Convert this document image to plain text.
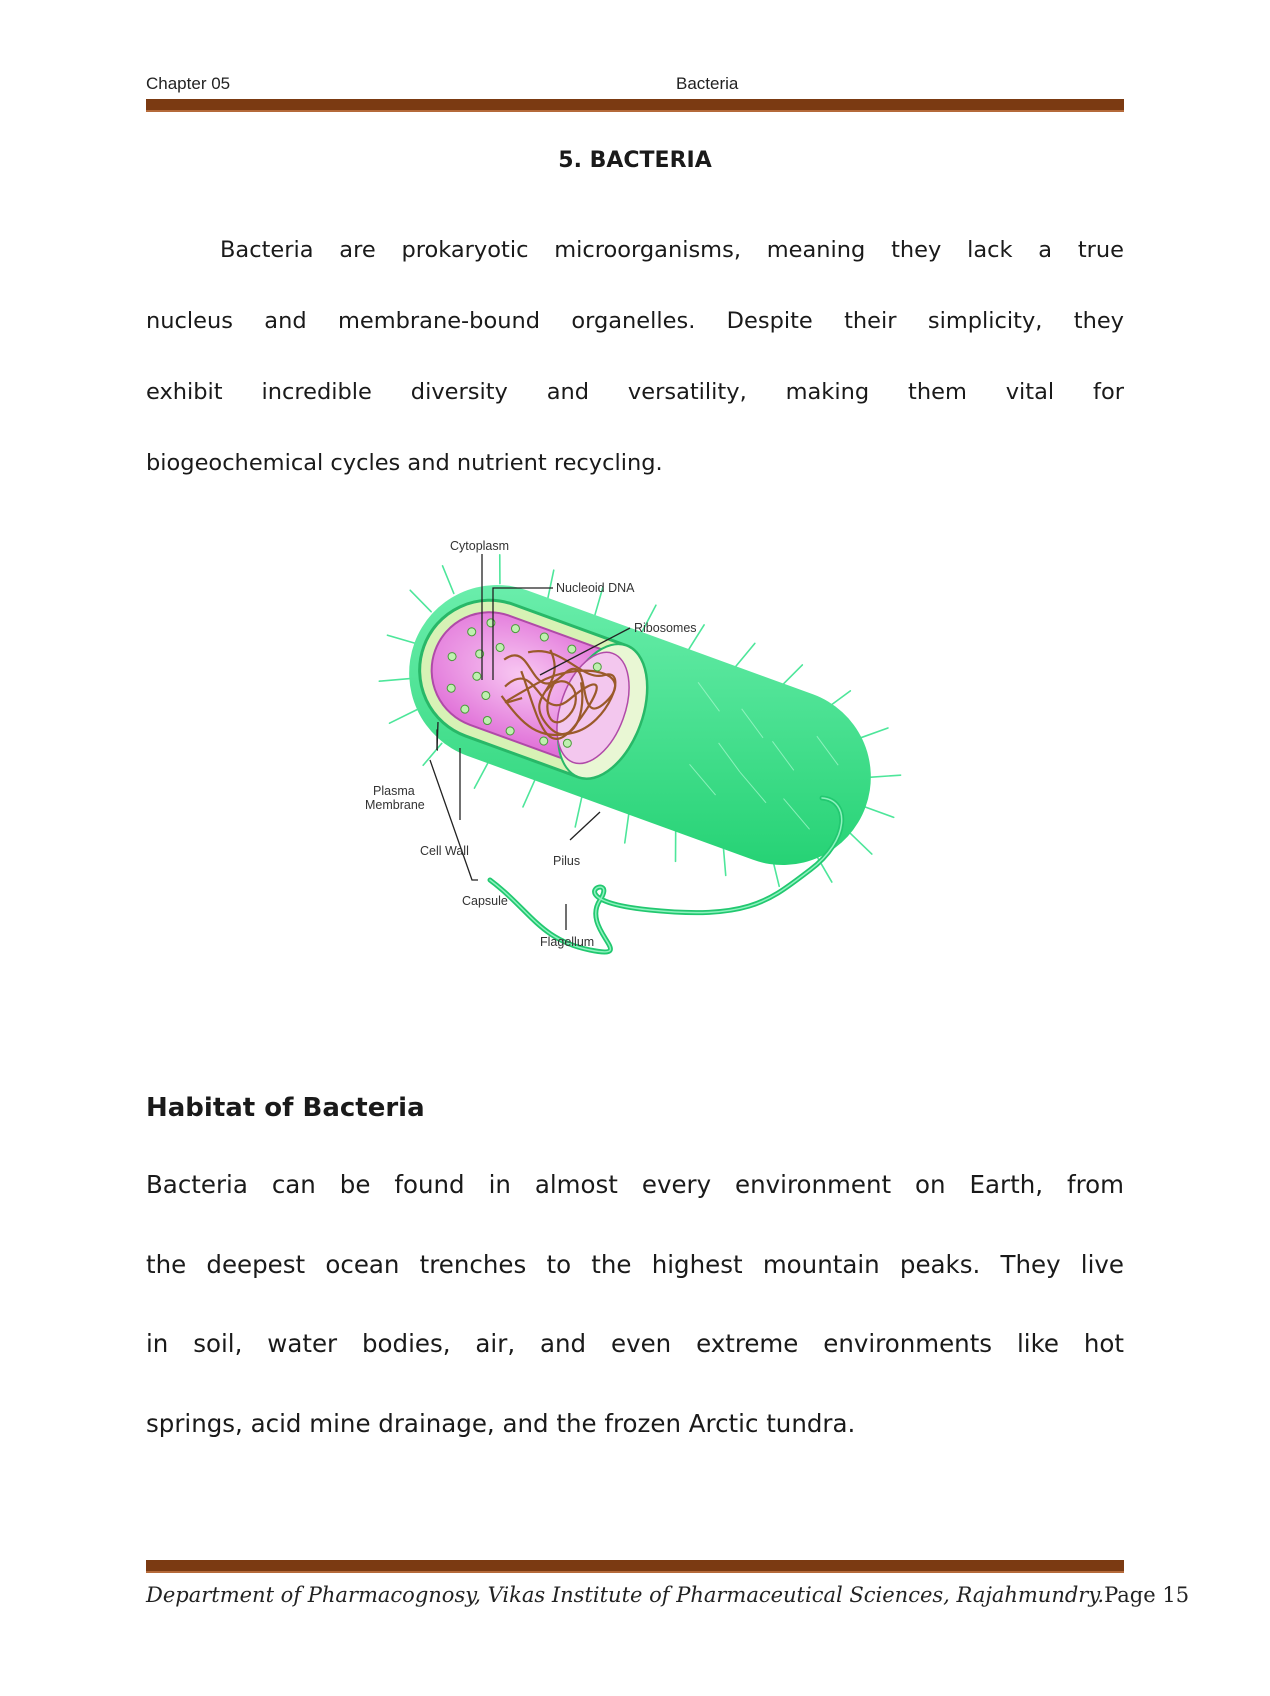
Chapter 05	Bacteria
5. BACTERIA
Bacteria are prokaryotic microorganisms, meaning they lack a true
nucleus and membrane-bound organelles. Despite their simplicity, they
exhibit incredible diversity and versatility, making them vital for
biogeochemical cycles and nutrient recycling.
Cytoplasm
Nucleoid DNA
Ribosomes
Plasma
Membrane
Cell Wall
Pilus
Capsule
Flagellum
Habitat of Bacteria
Bacteria can be found in almost every environment on Earth, from
the deepest ocean trenches to the highest mountain peaks. They live
in soil, water bodies, air, and even extreme environments like hot
springs, acid mine drainage, and the frozen Arctic tundra.
Department of Pharmacognosy, Vikas Institute of Pharmaceutical Sciences, Rajahmundry.Page 15
